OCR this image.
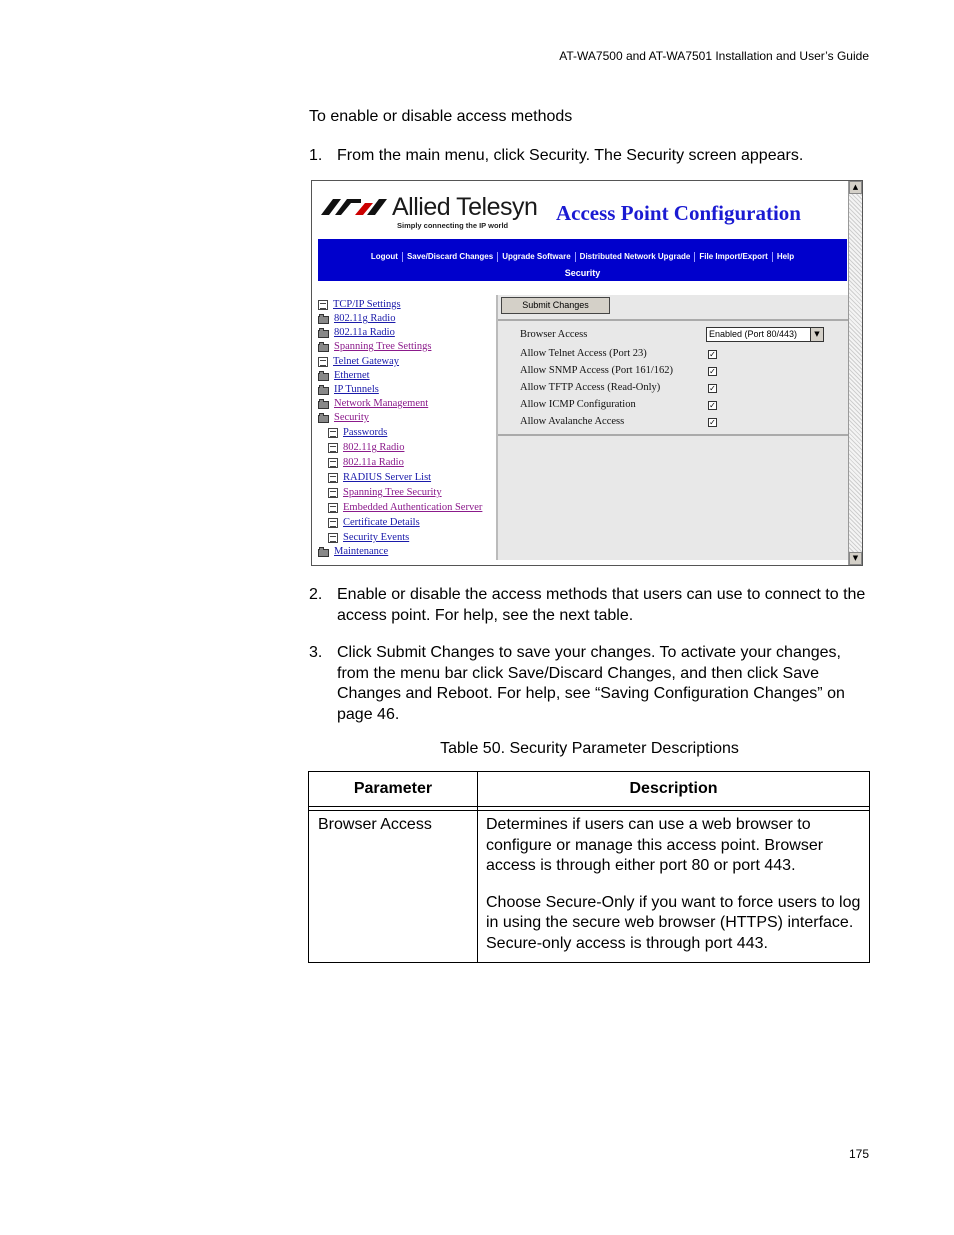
AT-WA7500 and AT-WA7501 Installation and User’s Guide
To enable or disable access methods
1. From the main menu, click Security. The Security screen appears.
Allied Telesyn
Simply connecting the IP world
Access Point Configuration
Logout	Save/Discard Changes	Upgrade Software	Distributed Network Upgrade	File Import/Export	Help
Security
TCP/IP Settings
802.11g Radio
802.11a Radio
Spanning Tree Settings
Telnet Gateway
Ethernet
IP Tunnels
Network Management
Security
Passwords
802.11g Radio
802.11a Radio
RADIUS Server List
Spanning Tree Security
Embedded Authentication Server
Certificate Details
Security Events
Maintenance
Submit Changes
Browser Access	Enabled (Port 80/443)	▼
Allow Telnet Access (Port 23)	✓
Allow SNMP Access (Port 161/162)	✓
Allow TFTP Access (Read-Only)	✓
Allow ICMP Configuration	✓
Allow Avalanche Access	✓
▲
▼
2. Enable or disable the access methods that users can use to connect to the access point. For help, see the next table.
3. Click Submit Changes to save your changes. To activate your changes, from the menu bar click Save/Discard Changes, and then click Save Changes and Reboot. For help, see “Saving Configuration Changes” on page 46.
Table 50. Security Parameter Descriptions
Parameter	Description

Browser Access	Determines if users can use a web browser to configure or manage this access point. Browser access is through either port 80 or port 443.

Choose Secure-Only if you want to force users to log in using the secure web browser (HTTPS) interface. Secure-only access is through port 443.

175
